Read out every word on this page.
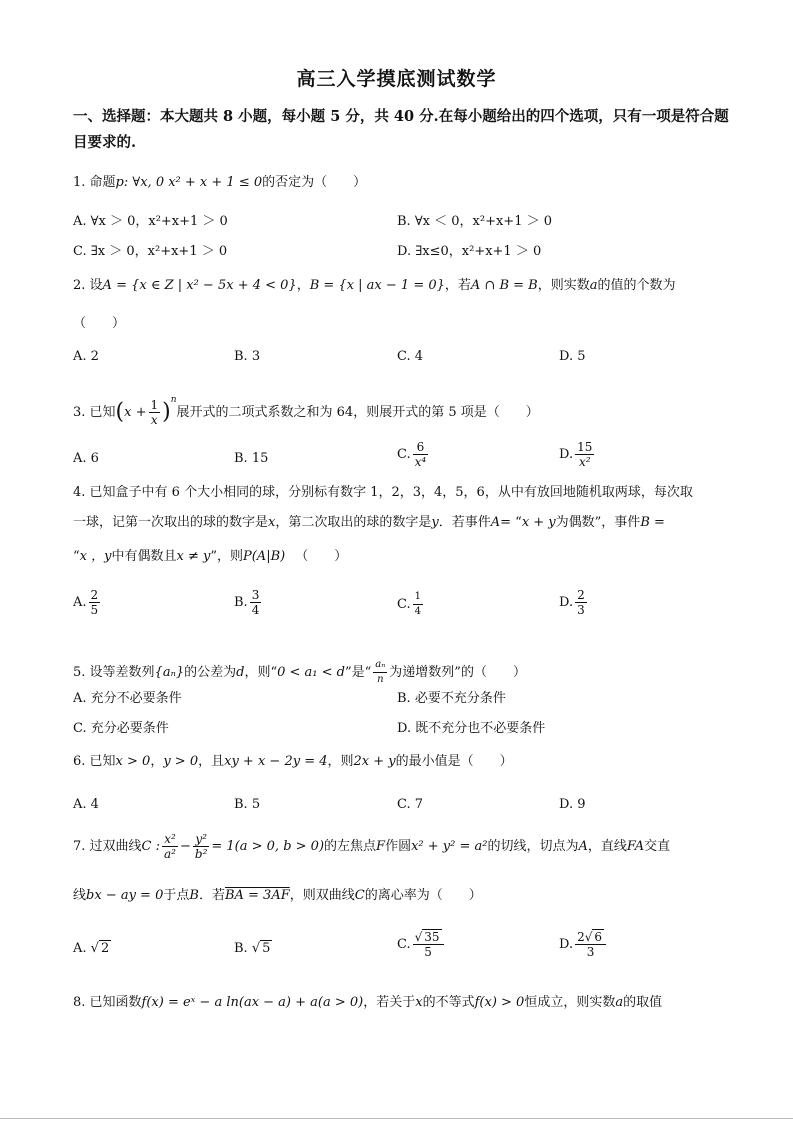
高三入学摸底测试数学
一、选择题：本大题共 8 小题，每小题 5 分，共 40 分.在每小题给出的四个选项，只有一项是符合题目要求的.
1. 命题p: ∀x, 0 x² + x + 1 ≤ 0的否定为（　　）
A. ∀x ＞ 0，x²+x+1 ＞ 0	B. ∀x ＜ 0，x²+x+1 ＞ 0
C. ∃x ＞ 0，x²+x+1 ＞ 0	D. ∃x≤0，x²+x+1 ＞ 0
2. 设A = {x ∈ Z | x² − 5x + 4 < 0}，B = {x | ax − 1 = 0}，若A ∩ B = B，则实数a的值的个数为
（　　）
A. 2	B. 3	C. 4	D. 5
3. 已知$(x + \frac{1}{x} )^n$展开式的二项式系数之和为 64，则展开式的第 5 项是（　　）
A. 6	B. 15	C. $\frac{6}{\text{x⁴}}$	D. $\frac{15}{\text{x²}}$
4. 已知盒子中有 6 个大小相同的球，分别标有数字 1，2，3，4，5，6，从中有放回地随机取两球，每次取
一球，记第一次取出的球的数字是x，第二次取出的球的数字是y．若事件A= “x + y为偶数”，事件B =
“x ，y中有偶数且x ≠ y”，则P(A|B) （　　）
A. $\frac{2}{5}$	B. $\frac{3}{4}$	C. $\frac{1}{4}$	D. $\frac{2}{3}$
5. 设等差数列{aₙ}的公差为d，则“0 < a₁ < d”是“ $\frac{\text{aₙ}}{n}$ 为递增数列”的（　　）
A. 充分不必要条件	B. 必要不充分条件
C. 充分必要条件	D. 既不充分也不必要条件
6. 已知x > 0，y > 0，且xy + x − 2y = 4，则2x + y的最小值是（　　）
A. 4	B. 5	C. 7	D. 9
7. 过双曲线C : $\frac{\text{x²}}{\text{a²}} - \frac{\text{y²}}{\text{b²}} = 1(a > 0$, b > 0)的左焦点F作圆x² + y² = a²的切线，切点为A，直线FA交直
线bx − ay = 0于点B．若BA = 3AF，则双曲线C的离心率为（　　）
A. √ 2	B. √ 5	C. $\frac{√ 35}{5}$	D. $\frac{2√ 6}{3}$
8. 已知函数f(x) = eˣ − a ln(ax − a) + a(a > 0)，若关于x的不等式f(x) > 0恒成立，则实数a的取值
